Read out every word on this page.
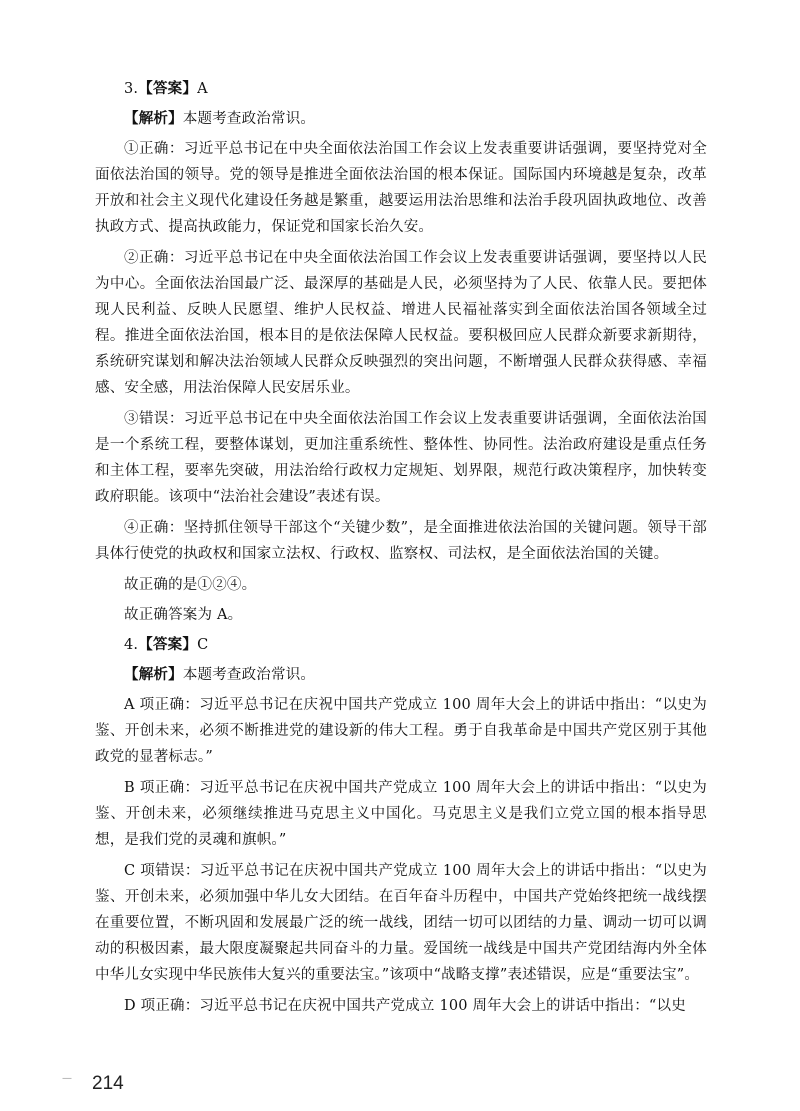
3.【答案】A

【解析】本题考查政治常识。

①正确：习近平总书记在中央全面依法治国工作会议上发表重要讲话强调，要坚持党对全面依法治国的领导。党的领导是推进全面依法治国的根本保证。国际国内环境越是复杂，改革开放和社会主义现代化建设任务越是繁重，越要运用法治思维和法治手段巩固执政地位、改善执政方式、提高执政能力，保证党和国家长治久安。

②正确：习近平总书记在中央全面依法治国工作会议上发表重要讲话强调，要坚持以人民为中心。全面依法治国最广泛、最深厚的基础是人民，必须坚持为了人民、依靠人民。要把体现人民利益、反映人民愿望、维护人民权益、增进人民福祉落实到全面依法治国各领域全过程。推进全面依法治国，根本目的是依法保障人民权益。要积极回应人民群众新要求新期待，系统研究谋划和解决法治领域人民群众反映强烈的突出问题，不断增强人民群众获得感、幸福感、安全感，用法治保障人民安居乐业。

③错误：习近平总书记在中央全面依法治国工作会议上发表重要讲话强调，全面依法治国是一个系统工程，要整体谋划，更加注重系统性、整体性、协同性。法治政府建设是重点任务和主体工程，要率先突破，用法治给行政权力定规矩、划界限，规范行政决策程序，加快转变政府职能。该项中“法治社会建设”表述有误。

④正确：坚持抓住领导干部这个“关键少数”，是全面推进依法治国的关键问题。领导干部具体行使党的执政权和国家立法权、行政权、监察权、司法权，是全面依法治国的关键。

故正确的是①②④。

故正确答案为 A。

4.【答案】C

【解析】本题考查政治常识。

A 项正确：习近平总书记在庆祝中国共产党成立 100 周年大会上的讲话中指出：“以史为鉴、开创未来，必须不断推进党的建设新的伟大工程。勇于自我革命是中国共产党区别于其他政党的显著标志。”

B 项正确：习近平总书记在庆祝中国共产党成立 100 周年大会上的讲话中指出：“以史为鉴、开创未来，必须继续推进马克思主义中国化。马克思主义是我们立党立国的根本指导思想，是我们党的灵魂和旗帜。”

C 项错误：习近平总书记在庆祝中国共产党成立 100 周年大会上的讲话中指出：“以史为鉴、开创未来，必须加强中华儿女大团结。在百年奋斗历程中，中国共产党始终把统一战线摆在重要位置，不断巩固和发展最广泛的统一战线，团结一切可以团结的力量、调动一切可以调动的积极因素，最大限度凝聚起共同奋斗的力量。爱国统一战线是中国共产党团结海内外全体中华儿女实现中华民族伟大复兴的重要法宝。”该项中“战略支撑”表述错误，应是“重要法宝”。

D 项正确：习近平总书记在庆祝中国共产党成立 100 周年大会上的讲话中指出：“以史

— 214
